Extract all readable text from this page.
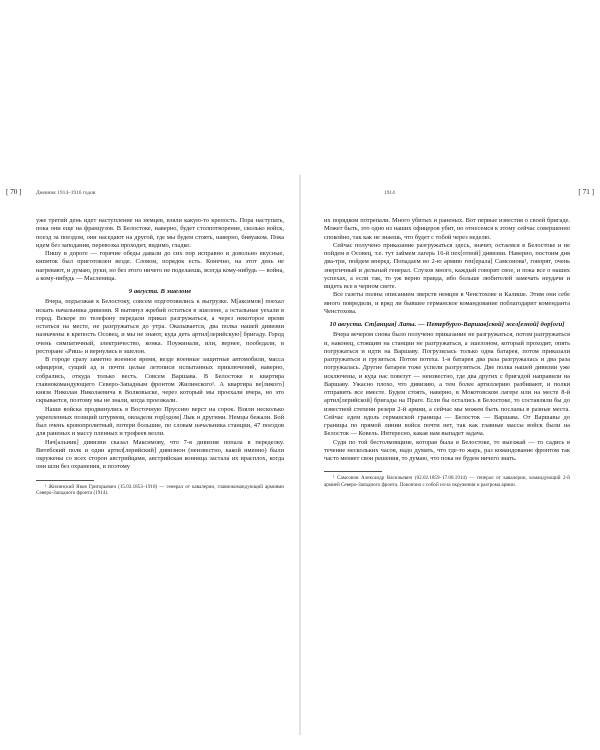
[ 70 ]	Дневник 1914–1916 годов

уже третий день идет наступление на немцев, взяли какую-то крепость. Пора наступать, пока они еще на французов. В Белостоке, наверно, будет столпотворение, сколько войск, поезд за поездом, они наседают на другой, где мы будем стоять, наверно, бивуаком. Пока идем без заподания, перевозка проходит, видимо, гладко.

Пишу в дороге — горячие обеды давали до сих пор исправно и довольно вкусные, кипяток был приготовлен везде. Словом, порядок есть. Конечно, на этот день не нагревают, и думаю, руки, но без этого ничего не поделаешь, всегда кому-нибудь — война, а кому-нибудь — Масленица.

9 августа. В эшелоне

Вчера, подъезжая к Белостоку, совсем подготовились к выгрузке. М[аксимов] поехал искать начальника дивизии. Я вытянул жребий остаться в эшелоне, а остальные уехали в город. Вскоре по телефону передали приказ разгружаться, а через некоторое время остаться на месте, не разгружаться до утра. Оказывается, два полка нашей дивизии назначены в крепость Осовец, и мы не знают, куда деть артил[лерийскую] бригаду. Город очень симпатичный, электричество, конка. Поужинали, или, вернее, пообедали, в ресторане «Риш» и вернулись в эшелон.

В городе сразу заметно военное время, везде военные защитные автомобили, масса офицеров, сущий ад и почти целые летописи испытанных приключений, наверно, собрались, откуда только весть. Совсем Варшава. В Белостоке и квартира главнокомандующего Северо-Западным фронтом Жилинского¹. А квартира ве[ликого] князя Николая Николаевича в Волковыске, через который мы проехали вчера, но это скрывается, поэтому мы не знали, когда проезжали.

Наши войска продвинулись в Восточную Пруссию верст на сорок. Взяли несколько укрепленных позиций штурмом, овладели гор[одом] Лык и другими. Немцы бежали. Бой был очень кровопролитный, потери большие, по словам начальника станции, 47 поездов для раненых и массу пленных и трофеев везли.

Нач[альник] дивизии сказал Максимову, что 7-я дивизия попала в переделку. Витебский полк и один артил[лерийский] дивизион (неизвестно, какой именно) были окружены со всех сторон австрийцами, австрийская конница застала их врасплох, когда они шли без охранения, и поэтому

¹ Жилинский Яков Григорьевич (15.03.1853–1918) — генерал от кавалерии, главнокомандующий армиями Северо-Западного фронта (1914).

1914	[ 71 ]

их порядком потрепали. Много убитых и раненых. Вот первые известия о своей бригаде. Может быть, это одно из наших офицеров убит, но отнесемся к этому сейчас совершенно спокойно, так как не знаешь, что будет с тобой через неделю.

Сейчас получено приказание разгружаться здесь, значит, остаемся в Белостоке и не пойдем в Осовец, т.е. тут займем лагерь 16-й пех[отной] дивизии. Наверно, постоим дня два-три, пойдем вперед. Попадаем во 2-ю армию ген[ерала] Самсонова¹, говорят, очень энергичный и дельный генерал. Слухов много, каждый говорит свое, и пока все о наших успехах, а если так, то уж верно правда, ибо больше любителей замечать неудачи и видеть все в черном свете.

Все газеты полны описанием зверств немцев в Ченстохове и Калише. Этим они себе много повредили, и вряд ли бывшее германское командование поблагодарит коменданта Ченстохова.

10 августа. Ст[анция] Лапы. — Петербурго-Варшав[ской] жел[езной] дор[оги]

Вчера вечером снова было получено приказание не разгружаться, потом разгружаться и, наконец, стоящим на станции не разгружаться, а эшелоном, который проходит, опять погружаться и идти на Варшаву. Погрузилась только одна батарея, потом приказали разгружаться и грузиться. Потом потеха. 1-я батарея два раза разгружалась и два раза погружалась. Другие батареи тоже успели разгрузиться. Две полка нашей дивизии уже исключены, и куда нас повезут — неизвестно, где два других с бригадой направили на Варшаву. Ужасно плохо, что дивизию, а тем более артиллерию разбивают, и полки отправить все вместе. Будем стоять, наверно, в Мокотовском лагере или на месте 8-й артил[лерийской] бригады на Праге. Если бы остались в Белостоке, то составляли бы до известной степени резерв 2-й армии, а сейчас мы можем быть посланы в разные места. Сейчас едем вдоль германской границы — Белосток — Варшава. От Варшавы до границы по прямой линии войск почти нет, так как главные массы войск были на Белосток — Ковель. Интересно, какая нам выпадет задача.

Судя по той бестолковщине, которая была в Белостоке, то выезжай — то садись в течение нескольких часов, надо думать, что где-то жарь, раз командование фронтом так часто меняет свои решения, то думаю, что пока не будем ничего знать.

¹ Самсонов Александр Васильевич (02.02.1859–17.08.1914) — генерал от кавалерии, командующий 2-й армией Северо-Западного фронта. Покончил с собой из-за окружения и разгрома армии.
